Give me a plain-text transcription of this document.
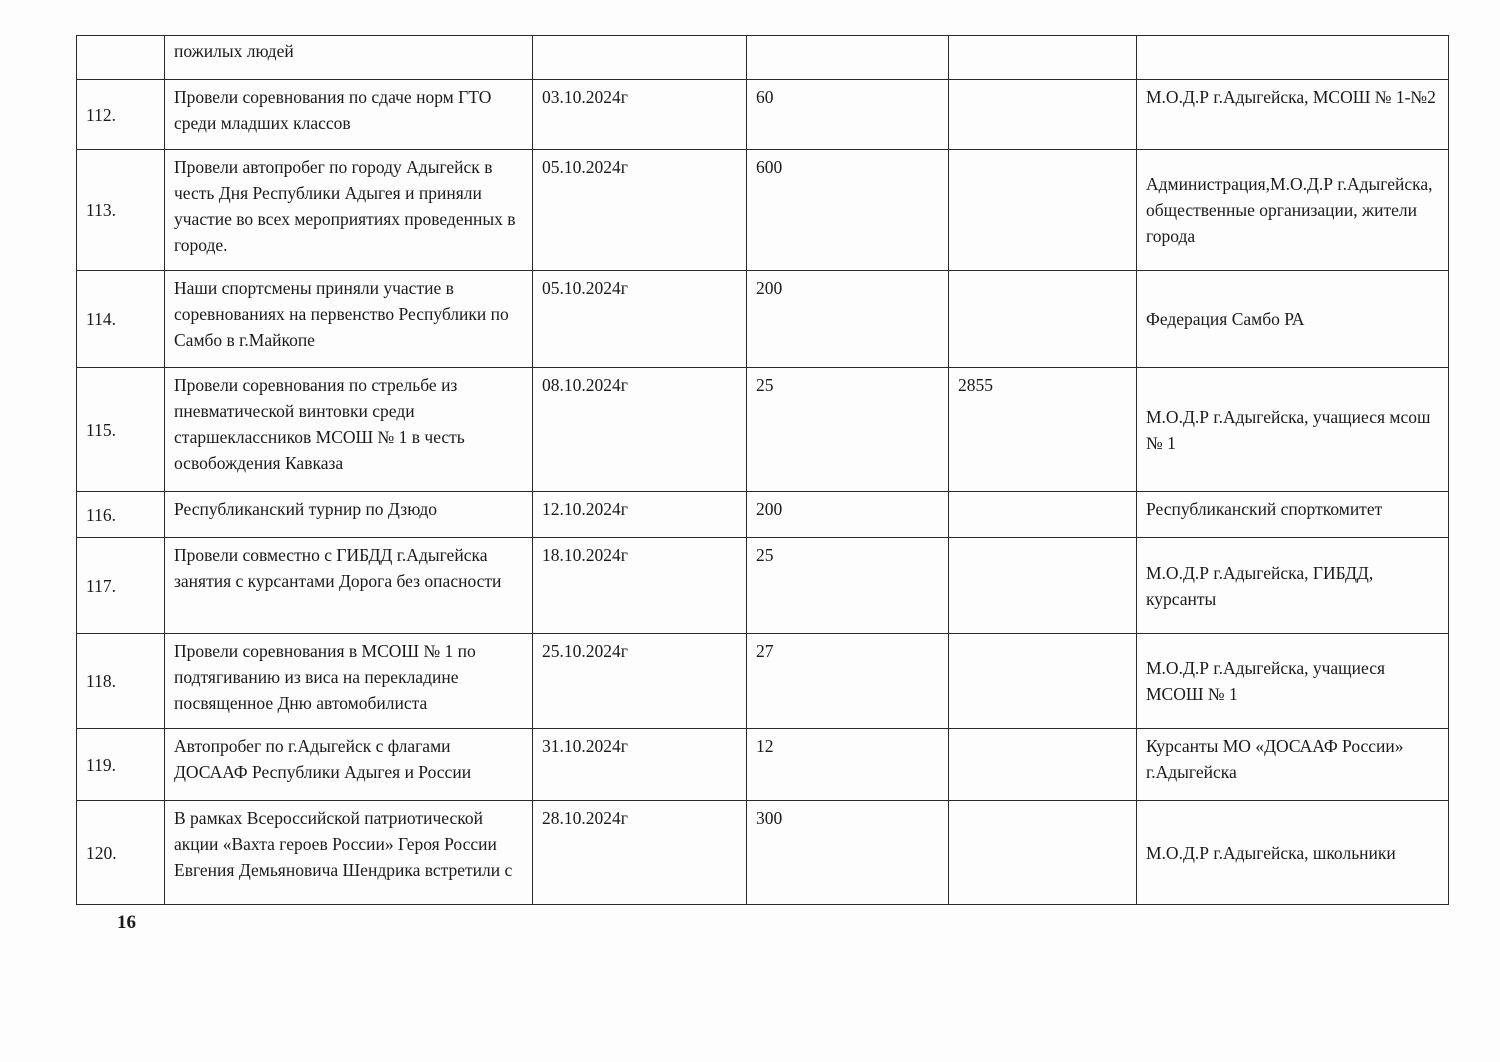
	пожилых людей				
112.	Провели соревнования по сдаче норм ГТО среди младших классов	03.10.2024г	60		М.О.Д.Р г.Адыгейска, МСОШ № 1-№2
113.	Провели автопробег по городу Адыгейск в честь Дня Республики Адыгея и приняли участие во всех мероприятиях проведенных в городе.	05.10.2024г	600		Администрация,М.О.Д.Р г.Адыгейска, общественные организации, жители города
114.	Наши спортсмены приняли участие в соревнованиях на первенство Республики по Самбо в г.Майкопе	05.10.2024г	200		Федерация Самбо РА
115.	Провели соревнования по стрельбе из пневматической винтовки среди старшеклассников МСОШ № 1 в честь освобождения Кавказа	08.10.2024г	25	2855	М.О.Д.Р г.Адыгейска, учащиеся мсош № 1
116.	Республиканский турнир по Дзюдо	12.10.2024г	200		Республиканский спорткомитет
117.	Провели совместно с ГИБДД г.Адыгейска занятия с курсантами Дорога без опасности	18.10.2024г	25		М.О.Д.Р г.Адыгейска, ГИБДД, курсанты
118.	Провели соревнования в МСОШ № 1 по подтягиванию из виса на перекладине посвященное Дню автомобилиста	25.10.2024г	27		М.О.Д.Р г.Адыгейска, учащиеся МСОШ № 1
119.	Автопробег по г.Адыгейск с флагами ДОСААФ Республики Адыгея и России	31.10.2024г	12		Курсанты МО «ДОСААФ России» г.Адыгейска
120.	В рамках Всероссийской патриотической акции «Вахта героев России» Героя России Евгения Демьяновича Шендрика встретили с	28.10.2024г	300		М.О.Д.Р г.Адыгейска, школьники
16
